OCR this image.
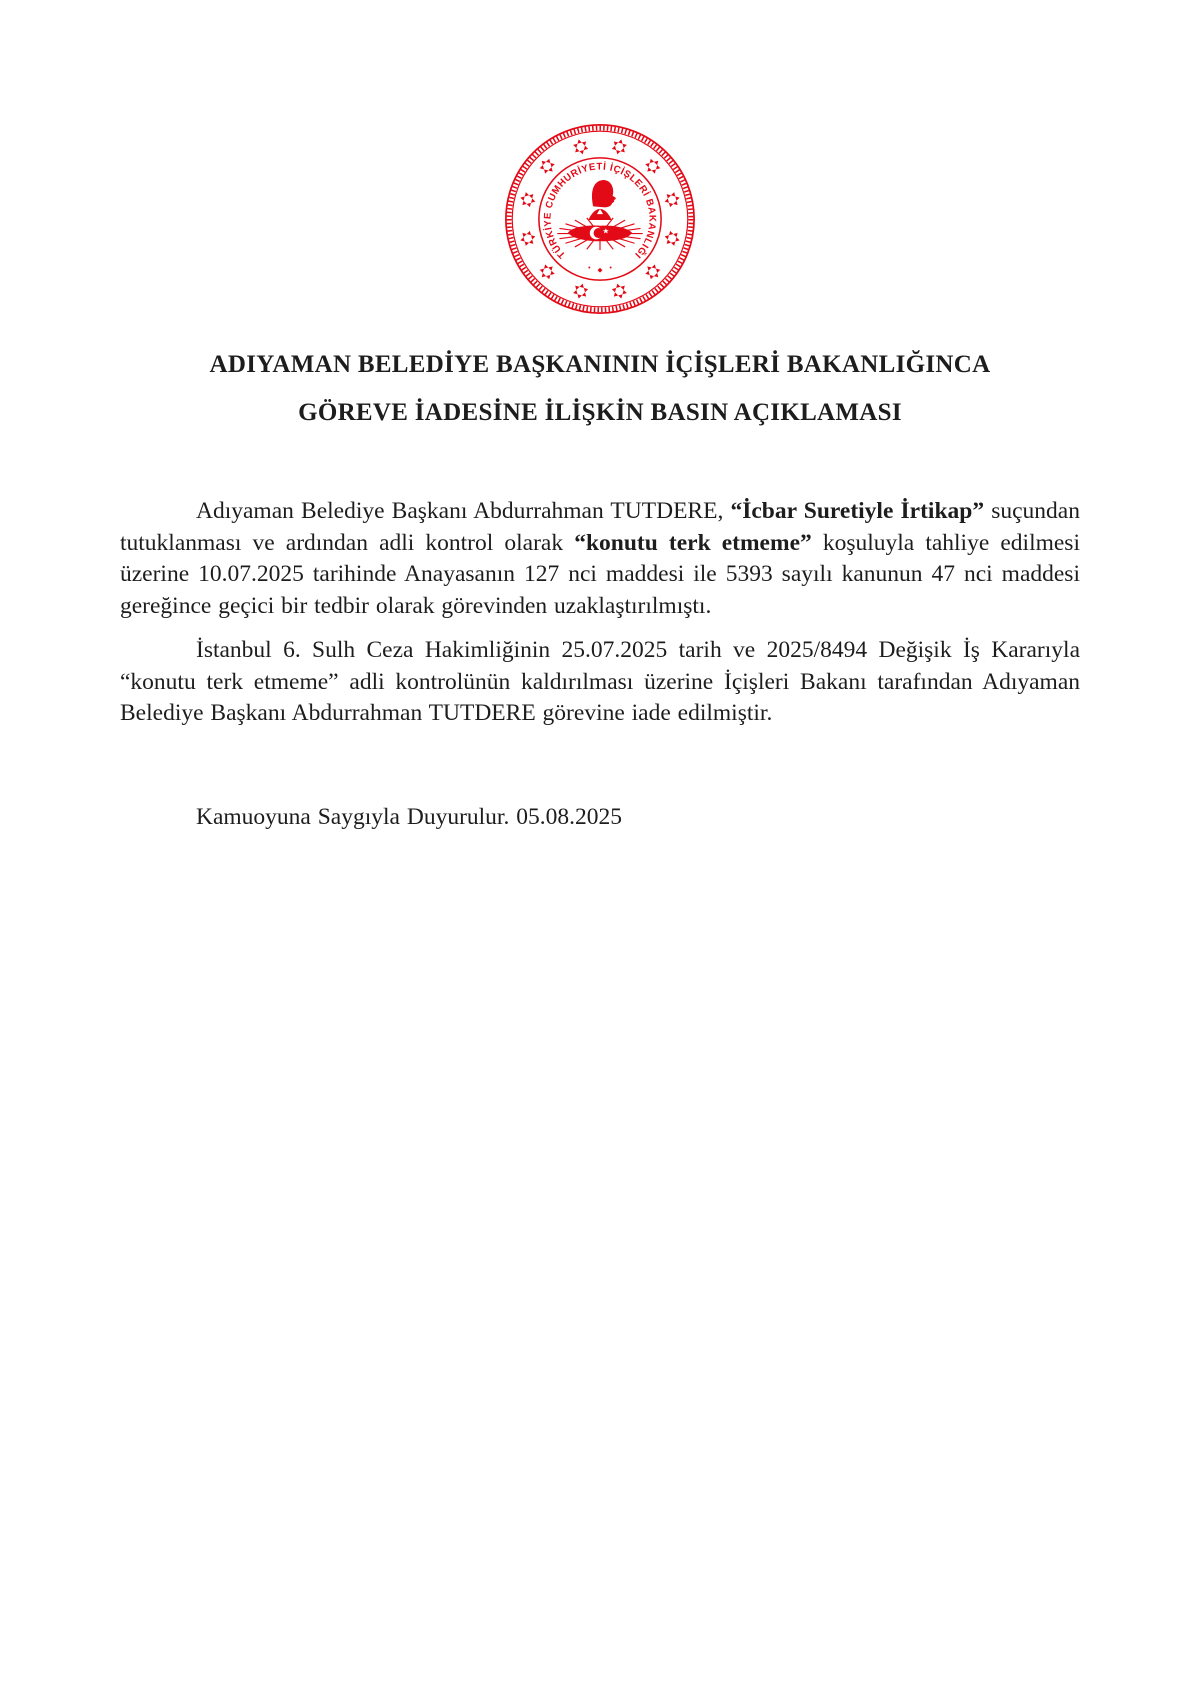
TÜRKİYE CUMHURİYETİ İÇİŞLERİ BAKANLIĞI

ADIYAMAN BELEDİYE BAŞKANININ İÇİŞLERİ BAKANLIĞINCA

GÖREVE İADESİNE İLİŞKİN BASIN AÇIKLAMASI

Adıyaman Belediye Başkanı Abdurrahman TUTDERE, “İcbar Suretiyle İrtikap” suçundan tutuklanması ve ardından adli kontrol olarak “konutu terk etmeme” koşuluyla tahliye edilmesi üzerine 10.07.2025 tarihinde Anayasanın 127 nci maddesi ile 5393 sayılı kanunun 47 nci maddesi gereğince geçici bir tedbir olarak görevinden uzaklaştırılmıştı.

İstanbul 6. Sulh Ceza Hakimliğinin 25.07.2025 tarih ve 2025/8494 Değişik İş Kararıyla “konutu terk etmeme” adli kontrolünün kaldırılması üzerine İçişleri Bakanı tarafından Adıyaman Belediye Başkanı Abdurrahman TUTDERE görevine iade edilmiştir.

Kamuoyuna Saygıyla Duyurulur. 05.08.2025
